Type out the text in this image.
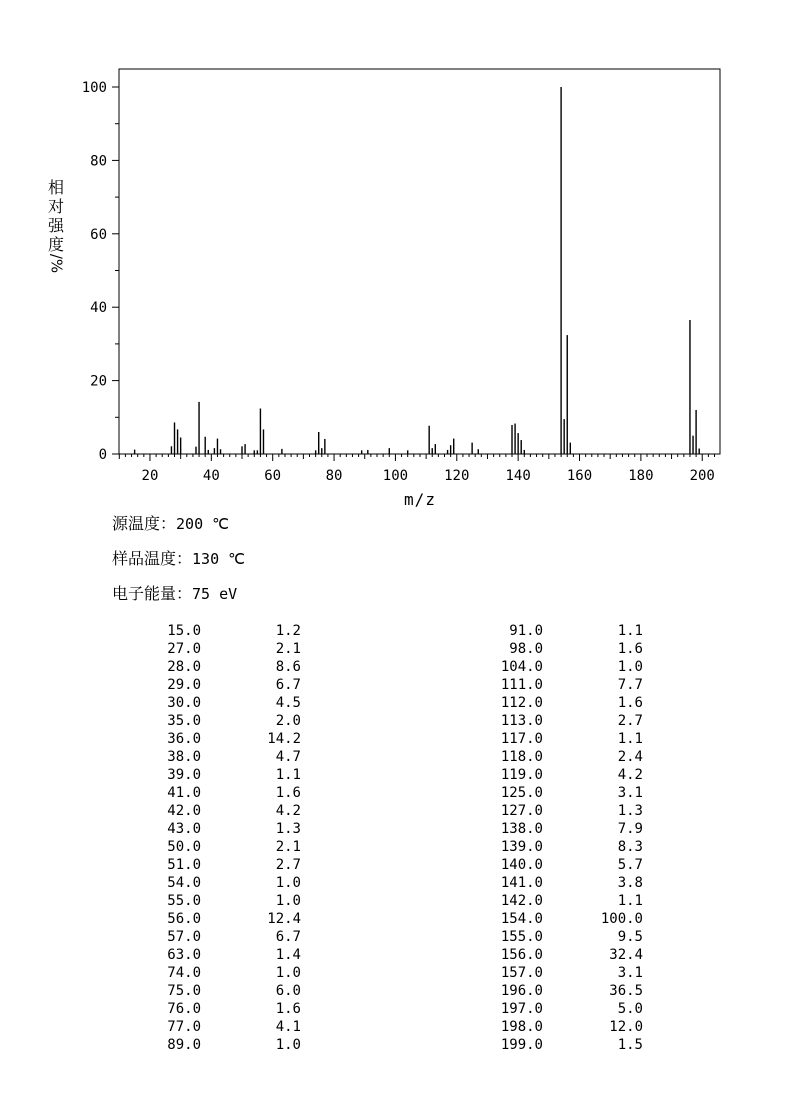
0
20
40
60
80
100
20	40	60	80	100	120	140	160	180	200
相
对
强
度
/%
m/z
源温度：200 ℃
样品温度：130 ℃
电子能量：75 eV
15.0	1.2	91.0	1.1
27.0	2.1	98.0	1.6
28.0	8.6	104.0	1.0
29.0	6.7	111.0	7.7
30.0	4.5	112.0	1.6
35.0	2.0	113.0	2.7
36.0	14.2	117.0	1.1
38.0	4.7	118.0	2.4
39.0	1.1	119.0	4.2
41.0	1.6	125.0	3.1
42.0	4.2	127.0	1.3
43.0	1.3	138.0	7.9
50.0	2.1	139.0	8.3
51.0	2.7	140.0	5.7
54.0	1.0	141.0	3.8
55.0	1.0	142.0	1.1
56.0	12.4	154.0	100.0
57.0	6.7	155.0	9.5
63.0	1.4	156.0	32.4
74.0	1.0	157.0	3.1
75.0	6.0	196.0	36.5
76.0	1.6	197.0	5.0
77.0	4.1	198.0	12.0
89.0	1.0	199.0	1.5
